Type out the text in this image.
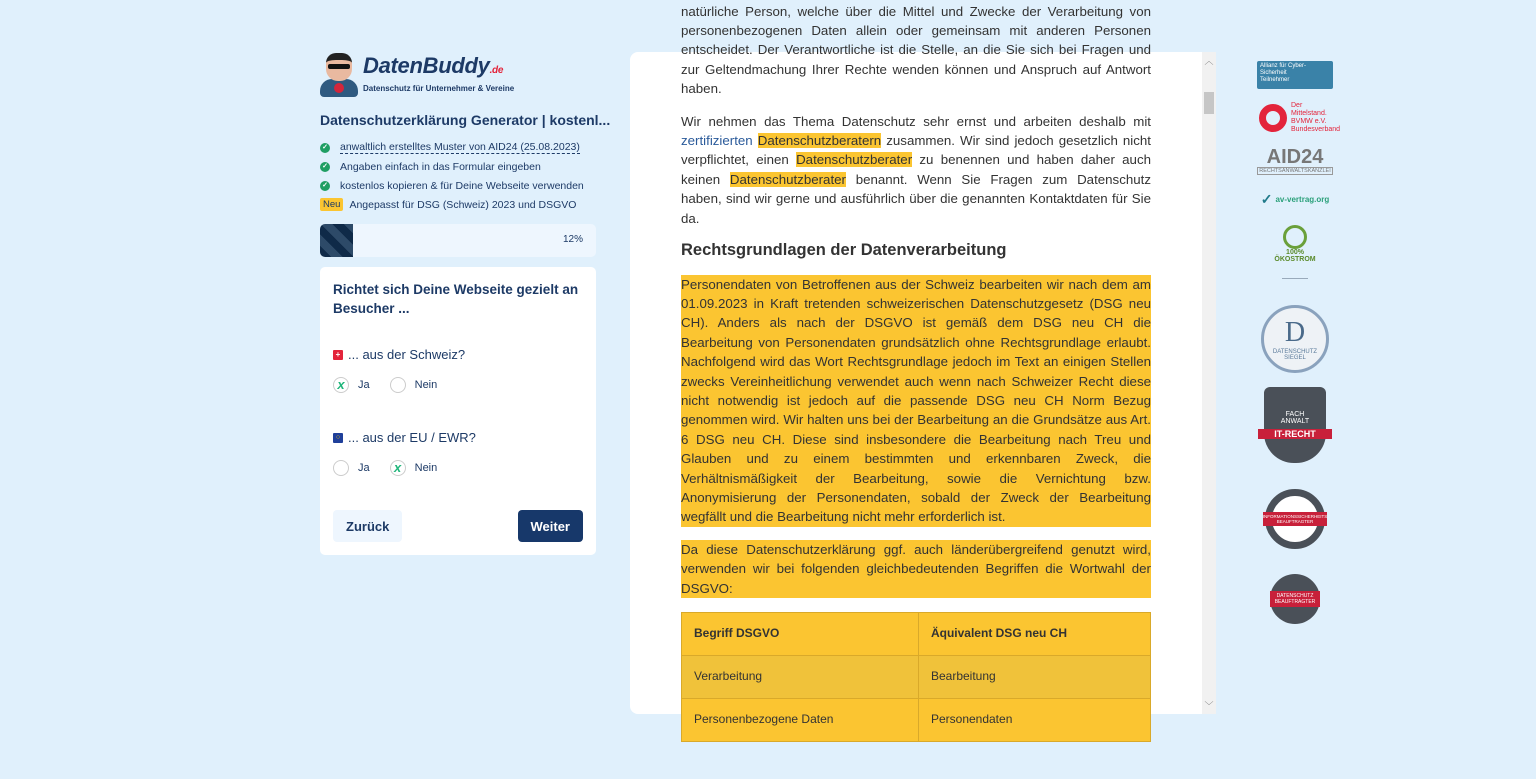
DatenBuddy.de
Datenschutz für Unternehmer & Vereine
Datenschutzerklärung Generator | kostenl...
✓ anwaltlich erstelltes Muster von AID24 (25.08.2023)
✓ Angaben einfach in das Formular eingeben
✓ kostenlos kopieren & für Deine Webseite verwenden
Neu Angepasst für DSG (Schweiz) 2023 und DSGVO
12%
Richtet sich Deine Webseite gezielt an Besucher ...
+ ... aus der Schweiz?
x	Ja	Nein
○ ... aus der EU / EWR?
Ja	x	Nein
Zurück	Weiter

natürliche Person, welche über die Mittel und Zwecke der Verarbeitung von personenbezogenen Daten allein oder gemeinsam mit anderen Personen entscheidet. Der Verantwortliche ist die Stelle, an die Sie sich bei Fragen und zur Geltendmachung Ihrer Rechte wenden können und Anspruch auf Antwort haben.

Wir nehmen das Thema Datenschutz sehr ernst und arbeiten deshalb mit zertifizierten Datenschutzberatern zusammen. Wir sind jedoch gesetzlich nicht verpflichtet, einen Datenschutzberater zu benennen und haben daher auch keinen Datenschutzberater benannt. Wenn Sie Fragen zum Datenschutz haben, sind wir gerne und ausführlich über die genannten Kontaktdaten für Sie da.

Rechtsgrundlagen der Datenverarbeitung

Personendaten von Betroffenen aus der Schweiz bearbeiten wir nach dem am 01.09.2023 in Kraft tretenden schweizerischen Datenschutzgesetz (DSG neu CH). Anders als nach der DSGVO ist gemäß dem DSG neu CH die Bearbeitung von Personendaten grundsätzlich ohne Rechtsgrundlage erlaubt. Nachfolgend wird das Wort Rechtsgrundlage jedoch im Text an einigen Stellen zwecks Vereinheitlichung verwendet auch wenn nach Schweizer Recht diese nicht notwendig ist jedoch auf die passende DSG neu CH Norm Bezug genommen wird. Wir halten uns bei der Bearbeitung an die Grundsätze aus Art. 6 DSG neu CH. Diese sind insbesondere die Bearbeitung nach Treu und Glauben und zu einem bestimmten und erkennbaren Zweck, die Verhältnismäßigkeit der Bearbeitung, sowie die Vernichtung bzw. Anonymisierung der Personendaten, sobald der Zweck der Bearbeitung wegfällt und die Bearbeitung nicht mehr erforderlich ist.

Da diese Datenschutzerklärung ggf. auch länderübergreifend genutzt wird, verwenden wir bei folgenden gleichbedeutenden Begriffen die Wortwahl der DSGVO:

Begriff DSGVO	Äquivalent DSG neu CH
Verarbeitung	Bearbeitung
Personenbezogene Daten	Personendaten
︿
﹀
Allianz für Cyber-Sicherheit
Teilnehmer
Der Mittelstand. BVMW e.V. Bundesverband
AID24
RECHTSANWALTSKANZLEI
✓ av-vertrag.org
100% ÖKOSTROM
D
DATENSCHUTZ SIEGEL
FACH ANWALT
IT-RECHT
INFORMATIONSSICHERHEITS BEAUFTRAGTER
DATENSCHUTZ BEAUFTRAGTER
